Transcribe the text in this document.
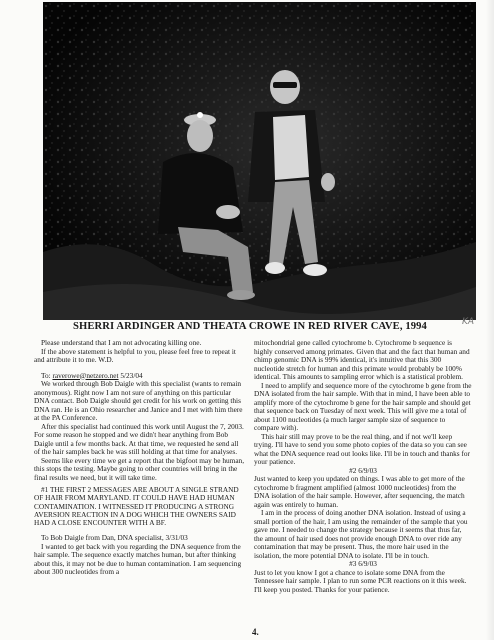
SHERRI ARDINGER AND THEATA CROWE IN RED RIVER CAVE, 1994	KA

Please understand that I am not advocating killing one.

If the above statement is helpful to you, please feel free to repeat it and attribute it to me. W.D.

To: raverowe@netzero.net 5/23/04

We worked through Bob Daigle with this specialist (wants to remain anonymous). Right now I am not sure of anything on this particular DNA contact. Bob Daigle should get credit for his work on getting this DNA ran. He is an Ohio researcher and Janice and I met with him there at the PA Conference.

After this specialist had continued this work until August the 7, 2003. For some reason he stopped and we didn't hear anything from Bob Daigle until a few months back. At that time, we requested he send all of the hair samples back he was still holding at that time for analyses.

Seems like every time we get a report that the bigfoot may be human, this stops the testing. Maybe going to other countries will bring in the final results we need, but it will take time.

#1 THE FIRST 2 MESSAGES ARE ABOUT A SINGLE STRAND OF HAIR FROM MARYLAND. IT COULD HAVE HAD HUMAN CONTAMINATION. I WITNESSED IT PRODUCING A STRONG AVERSION REACTION IN A DOG WHICH THE OWNERS SAID HAD A CLOSE ENCOUNTER WITH A BF.

To Bob Daigle from Dan, DNA specialist, 3/31/03

I wanted to get back with you regarding the DNA sequence from the hair sample. The sequence exactly matches human, but after thinking about this, it may not be due to human contamination. I am sequencing about 300 nucleotides from a

mitochondrial gene called cytochrome b. Cytochrome b sequence is highly conserved among primates. Given that and the fact that human and chimp genomic DNA is 99% identical, it's intuitive that this 300 nucleotide stretch for human and this primate would probably be 100% identical. This amounts to sampling error which is a statistical problem.

I need to amplify and sequence more of the cytochrome b gene from the DNA isolated from the hair sample. With that in mind, I have been able to amplify more of the cytochrome b gene for the hair sample and should get that sequence back on Tuesday of next week. This will give me a total of about 1100 nucleotides (a much larger sample size of sequence to compare with).

This hair still may prove to be the real thing, and if not we'll keep trying. I'll have to send you some photo copies of the data so you can see what the DNA sequence read out looks like. I'll be in touch and thanks for your patience.

#2 6/9/03

Just wanted to keep you updated on things. I was able to get more of the cytochrome b fragment amplified (almost 1000 nucleotides) from the DNA isolation of the hair sample. However, after sequencing, the match again was entirely to human.

I am in the process of doing another DNA isolation. Instead of using a small portion of the hair, I am using the remainder of the sample that you gave me. I needed to change the strategy because it seems that thus far, the amount of hair used does not provide enough DNA to over ride any contamination that may be present. Thus, the more hair used in the isolation, the more potential DNA to isolate. I'll be in touch.

#3 6/9/03

Just to let you know I got a chance to isolate some DNA from the Tennessee hair sample. I plan to run some PCR reactions on it this week. I'll keep you posted. Thanks for your patience.

4.
